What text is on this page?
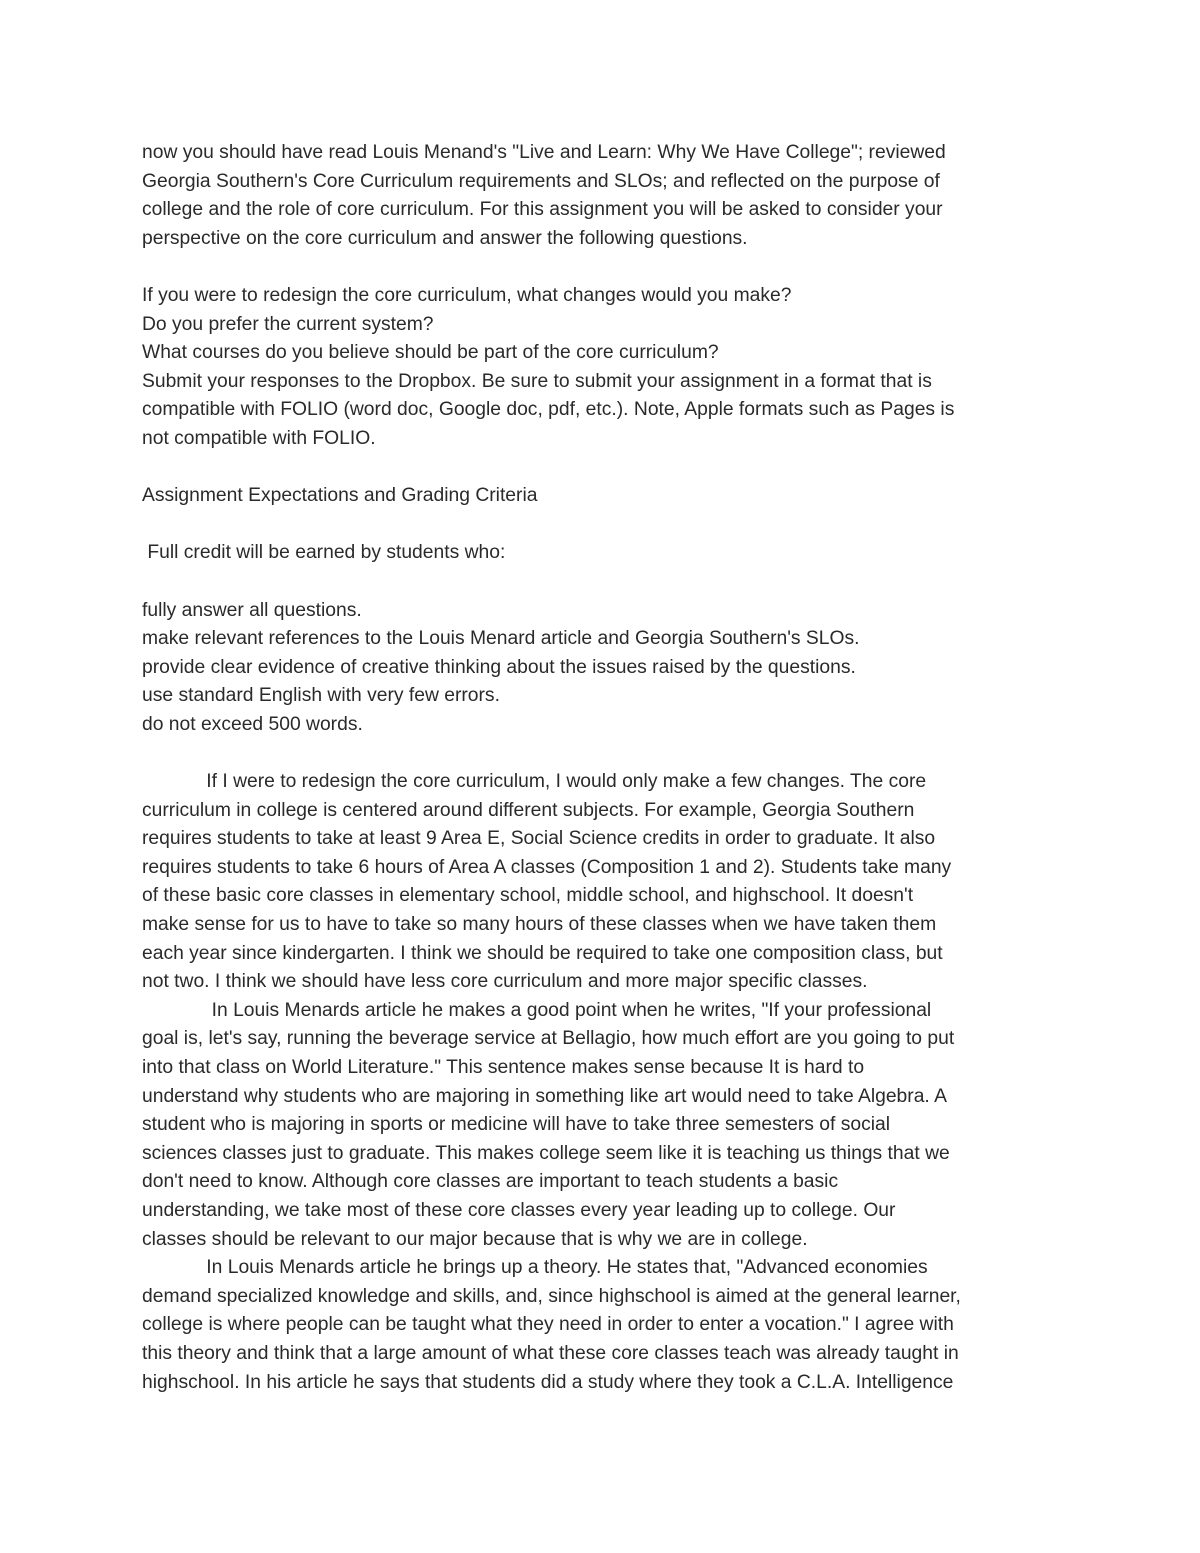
now you should have read Louis Menand's "Live and Learn: Why We Have College"; reviewed
Georgia Southern's Core Curriculum requirements and SLOs; and reflected on the purpose of
college and the role of core curriculum. For this assignment you will be asked to consider your
perspective on the core curriculum and answer the following questions.
If you were to redesign the core curriculum, what changes would you make?
Do you prefer the current system?
What courses do you believe should be part of the core curriculum?
Submit your responses to the Dropbox. Be sure to submit your assignment in a format that is
compatible with FOLIO (word doc, Google doc, pdf, etc.). Note, Apple formats such as Pages is
not compatible with FOLIO.
Assignment Expectations and Grading Criteria
Full credit will be earned by students who:
fully answer all questions.
make relevant references to the Louis Menard article and Georgia Southern's SLOs.
provide clear evidence of creative thinking about the issues raised by the questions.
use standard English with very few errors.
do not exceed 500 words.
If I were to redesign the core curriculum, I would only make a few changes. The core
curriculum in college is centered around different subjects. For example, Georgia Southern
requires students to take at least 9 Area E, Social Science credits in order to graduate. It also
requires students to take 6 hours of Area A classes (Composition 1 and 2). Students take many
of these basic core classes in elementary school, middle school, and highschool. It doesn't
make sense for us to have to take so many hours of these classes when we have taken them
each year since kindergarten. I think we should be required to take one composition class, but
not two. I think we should have less core curriculum and more major specific classes.
In Louis Menards article he makes a good point when he writes, "If your professional
goal is, let's say, running the beverage service at Bellagio, how much effort are you going to put
into that class on World Literature." This sentence makes sense because It is hard to
understand why students who are majoring in something like art would need to take Algebra. A
student who is majoring in sports or medicine will have to take three semesters of social
sciences classes just to graduate. This makes college seem like it is teaching us things that we
don't need to know. Although core classes are important to teach students a basic
understanding, we take most of these core classes every year leading up to college. Our
classes should be relevant to our major because that is why we are in college.
In Louis Menards article he brings up a theory. He states that, "Advanced economies
demand specialized knowledge and skills, and, since highschool is aimed at the general learner,
college is where people can be taught what they need in order to enter a vocation." I agree with
this theory and think that a large amount of what these core classes teach was already taught in
highschool. In his article he says that students did a study where they took a C.L.A. Intelligence
